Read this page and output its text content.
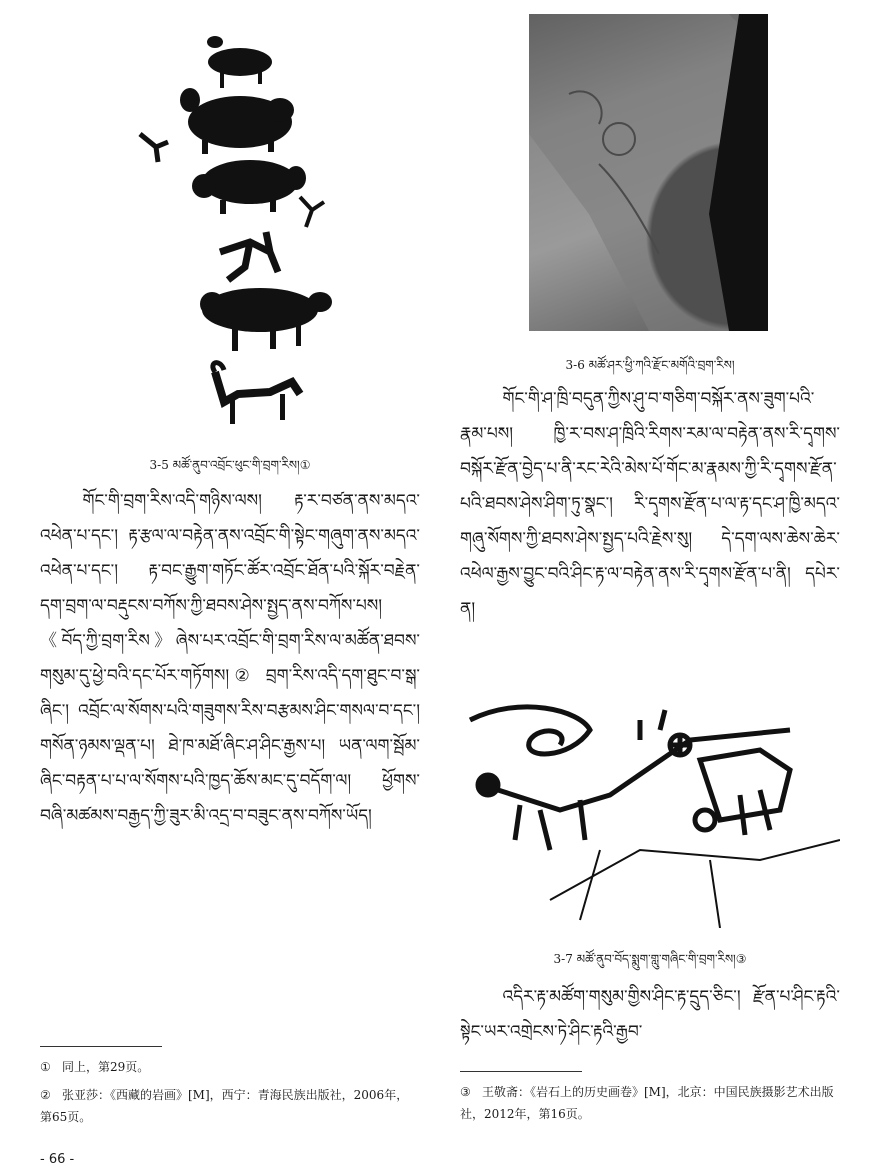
3-5 མཚོ་ནུབ་འབྲོང་ཕུང་གི་བྲག་རིས།①

གོང་གི་བྲག་རིས་འདི་གཉིས་ལས། རྟ་ར་བཙན་ནས་མདའ་འཕེན་པ་དང་། རྟ་རྩལ་ལ་བརྟེན་ནས་འབྲོང་གི་སྟེང་གཞུག་ནས་མདའ་འཕེན་པ་དང་། རྟ་བང་རྒྱུག་གཏོང་ཚོར་འབྲོང་ཐོན་པའི་སྐོར་བརྗེན་དག་བྲག་ལ་བརྡུངས་བཀོས་ཀྱི་ཐབས་ཤེས་སྤྱད་ནས་བཀོས་པས། 《བོད་ཀྱི་བྲག་རིས》ཞེས་པར་འབྲོང་གི་བྲག་རིས་ལ་མཚོན་ཐབས་གསུམ་དུ་ཕྱེ་བའི་དང་པོར་གཏོགས།② བྲག་རིས་འདི་དག་ཐུང་བ་སྒ་ཞིང་། འབྲོང་ལ་སོགས་པའི་གཟུགས་རིས་བརྩམས་ཤིང་གསལ་བ་དང་། གསོན་ཉམས་ལྡན་པ། ཐེ་ཁ་མཐོ་ཞིང་ཤ་ཤིང་རྒྱས་པ། ཡན་ལག་སྦོམ་ཞིང་བརྟན་པ་པ་ལ་སོགས་པའི་ཁྱད་ཆོས་མང་དུ་བདོག་ལ། ཕྱོགས་བཞི་མཚམས་བརྒྱད་ཀྱི་ཟུར་མི་འདྲ་བ་བཟུང་ནས་བཀོས་ཡོད།

① 同上，第29页。
② 张亚莎：《西藏的岩画》[M]，西宁：青海民族出版社，2006年，第65页。
3-6 མཚོ་ཤར་ཕྱི་ཀའི་རྫོང་མགོའི་བྲག་རིས།

གོང་གི་ཤ་ཁྲི་བདུན་ཀྱིས་ཤུ་བ་གཅིག་བསྐོར་ནས་ཟུག་པའི་རྣམ་པས། ཁྱི་ར་བས་ཤ་ཁྲིའི་རིགས་རམ་ལ་བརྟེན་ནས་རི་དྭགས་བསྐོར་རྫོན་བྱེད་པ་ནི་རང་རེའི་མེས་པོ་གོང་མ་རྣམས་ཀྱི་རི་དྭགས་རྫོན་པའི་ཐབས་ཤེས་ཤིག་ཏུ་སྣང་། རི་དྭགས་རྫོན་པ་ལ་རྟ་དང་ཤ་ཁྱི་མདའ་གཞུ་སོགས་ཀྱི་ཐབས་ཤེས་སྤྱད་པའི་རྗེས་སུ། དེ་དག་ལས་ཆེས་ཆེར་འཕེལ་རྒྱས་བྱུང་བའི་ཤིང་རྟ་ལ་བརྟེན་ནས་རི་དྭགས་རྫོན་པ་ནི། དཔེར་ན།

3-7 མཚོ་ནུབ་བོད་སྨུག་གླུ་གཞིང་གི་བྲག་རིས།③

འདིར་རྟ་མཚོག་གསུམ་གྱིས་ཤིང་རྟ་དྲུད་ཅིང་། རྫོན་པ་ཤིང་རྟའི་སྟེང་ཡར་འགྲེངས་ཏེ་ཤིང་རྟའི་རྒྱབ་

③ 王敬斋：《岩石上的历史画卷》[M]，北京：中国民族摄影艺术出版社，2012年，第16页。
- 66 -
